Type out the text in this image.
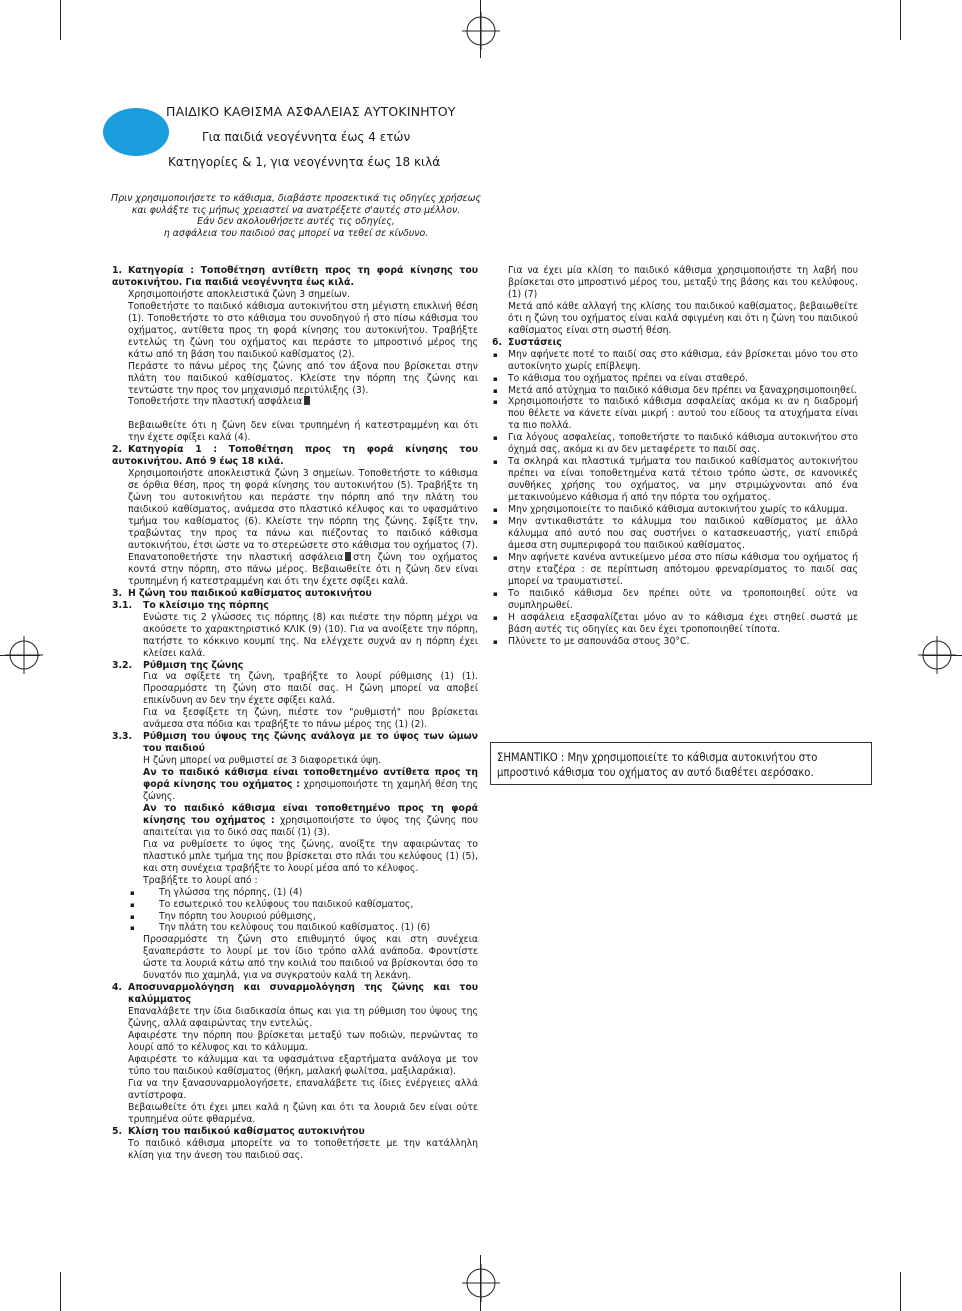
ΠΑΙΔΙΚΟ ΚΑΘΙΣΜΑ ΑΣΦΑΛΕΙΑΣ ΑΥΤΟΚΙΝΗΤΟΥ
Για παιδιά νεογέννητα έως 4 ετών
Κατηγορίες & 1, για νεογέννητα έως 18 κιλά
Πριν χρησιμοποιήσετε το κάθισμα, διαβάστε προσεκτικά τις οδηγίες χρήσεως
και φυλάξτε τις μήπως χρειαστεί να ανατρέξετε σ'αυτές στο μέλλον.
Εάν δεν ακολουθήσετε αυτές τις οδηγίες,
η ασφάλεια του παιδιού σας μπορεί να τεθεί σε κίνδυνο.

1. Κατηγορία : Τοποθέτηση αντίθετη προς τη φορά κίνησης του αυτοκινήτου. Για παιδιά νεογέννητα έως κιλά.

Χρησιμοποιήστε αποκλειστικά ζώνη 3 σημείων.

Τοποθετήστε το παιδικό κάθισμα αυτοκινήτου στη μέγιστη επικλινή θέση (1). Τοποθετήστε το στο κάθισμα του συνοδηγού ή στο πίσω κάθισμα του οχήματος, αντίθετα προς τη φορά κίνησης του αυτοκινήτου. Τραβήξτε εντελώς τη ζώνη του οχήματος και περάστε το μπροστινό μέρος της κάτω από τη βάση του παιδικού καθίσματος (2).

Περάστε το πάνω μέρος της ζώνης από τον άξονα που βρίσκεται στην πλάτη του παιδικού καθίσματος. Κλείστε την πόρπη της ζώνης και τεντώστε την προς τον μηχανισμό περιτύλιξης (3).

Τοποθετήστε την πλαστική ασφάλεια

Βεβαιωθείτε ότι η ζώνη δεν είναι τρυπημένη ή κατεστραμμένη και ότι την έχετε σφίξει καλά (4).

2. Κατηγορία 1 : Τοποθέτηση προς τη φορά κίνησης του αυτοκινήτου. Από 9 έως 18 κιλά.

Χρησιμοποιήστε αποκλειστικά ζώνη 3 σημείων. Τοποθετήστε το κάθισμα σε όρθια θέση, προς τη φορά κίνησης του αυτοκινήτου (5). Τραβήξτε τη ζώνη του αυτοκινήτου και περάστε την πόρπη από την πλάτη του παιδικού καθίσματος, ανάμεσα στο πλαστικό κέλυφος και το υφασμάτινο τμήμα του καθίσματος (6). Κλείστε την πόρπη της ζώνης. Σφίξτε την, τραβώντας την προς τα πάνω και πιέζοντας το παιδικό κάθισμα αυτοκινήτου, έτσι ώστε να το στερεώσετε στο κάθισμα του οχήματος (7). Επανατοποθετήστε την πλαστική ασφάλεια στη ζώνη του οχήματος κοντά στην πόρπη, στο πάνω μέρος. Βεβαιωθείτε ότι η ζώνη δεν είναι τρυπημένη ή κατεστραμμένη και ότι την έχετε σφίξει καλά.

3. Η ζώνη του παιδικού καθίσματος αυτοκινήτου

3.1. Το κλείσιμο της πόρπης

Ενώστε τις 2 γλώσσες τις πόρπης (8) και πιέστε την πόρπη μέχρι να ακούσετε το χαρακτηριστικό ΚΛΙΚ (9) (10). Για να ανοίξετε την πόρπη, πατήστε το κόκκινο κουμπί της. Να ελέγχετε συχνά αν η πόρπη έχει κλείσει καλά.

3.2. Ρύθμιση της ζώνης

Για να σφίξετε τη ζώνη, τραβήξτε το λουρί ρύθμισης (1) (1). Προσαρμόστε τη ζώνη στο παιδί σας. Η ζώνη μπορεί να αποβεί επικίνδυνη αν δεν την έχετε σφίξει καλά.

Για να ξεσφίξετε τη ζώνη, πιέστε τον "ρυθμιστή" που βρίσκεται ανάμεσα στα πόδια και τραβήξτε το πάνω μέρος της (1) (2).

3.3. Ρύθμιση του ύψους της ζώνης ανάλογα με το ύψος των ώμων του παιδιού

Η ζώνη μπορεί να ρυθμιστεί σε 3 διαφορετικά ύψη.

Αν το παιδικό κάθισμα είναι τοποθετημένο αντίθετα προς τη φορά κίνησης του οχήματος : χρησιμοποιήστε τη χαμηλή θέση της ζώνης.

Αν το παιδικό κάθισμα είναι τοποθετημένο προς τη φορά κίνησης του οχήματος : χρησιμοποιήστε το ύψος της ζώνης που απαιτείται για το δικό σας παιδί (1) (3).

Για να ρυθμίσετε το ύψος της ζώνης, ανοίξτε την αφαιρώντας το πλαστικό μπλε τμήμα της που βρίσκεται στο πλάι του κελύφους (1) (5), και στη συνέχεια τραβήξτε το λουρί μέσα από το κέλυφος.

Τραβήξτε το λουρί από :

▪ Τη γλώσσα της πόρπης, (1) (4)

▪ Το εσωτερικό του κελύφους του παιδικού καθίσματος,

▪ Την πόρπη του λουριού ρύθμισης,

▪ Την πλάτη του κελύφους του παιδικού καθίσματος. (1) (6)

Προσαρμόστε τη ζώνη στο επιθυμητό ύψος και στη συνέχεια ξαναπεράστε το λουρί με τον ίδιο τρόπο αλλά ανάποδα. Φροντίστε ώστε τα λουριά κάτω από την κοιλιά του παιδιού να βρίσκονται όσο το δυνατόν πιο χαμηλά, για να συγκρατούν καλά τη λεκάνη.

4. Αποσυναρμολόγηση και συναρμολόγηση της ζώνης και του καλύμματος

Επαναλάβετε την ίδια διαδικασία όπως και για τη ρύθμιση του ύψους της ζώνης, αλλά αφαιρώντας την εντελώς.

Αφαιρέστε την πόρπη που βρίσκεται μεταξύ των ποδιών, περνώντας το λουρί από το κέλυφος και το κάλυμμα.

Αφαιρέστε το κάλυμμα και τα υφασμάτινα εξαρτήματα ανάλογα με τον τύπο του παιδικού καθίσματος (θήκη, μαλακή φωλίτσα, μαξιλαράκια).

Για να την ξανασυναρμολογήσετε, επαναλάβετε τις ίδιες ενέργειες αλλά αντίστροφα.

Βεβαιωθείτε ότι έχει μπει καλά η ζώνη και ότι τα λουριά δεν είναι ούτε τρυπημένα ούτε φθαρμένα.

5. Κλίση του παιδικού καθίσματος αυτοκινήτου

Το παιδικό κάθισμα μπορείτε να το τοποθετήσετε με την κατάλληλη κλίση για την άνεση του παιδιού σας.

Για να έχει μία κλίση το παιδικό κάθισμα χρησιμοποιήστε τη λαβή που βρίσκεται στο μπροστινό μέρος του, μεταξύ της βάσης και του κελύφους. (1) (7)

Μετά από κάθε αλλαγή της κλίσης του παιδικού καθίσματος, βεβαιωθείτε ότι η ζώνη του οχήματος είναι καλά σφιγμένη και ότι η ζώνη του παιδικού καθίσματος είναι στη σωστή θέση.

6. Συστάσεις

▪ Μην αφήνετε ποτέ το παιδί σας στο κάθισμα, εάν βρίσκεται μόνο του στο αυτοκίνητο χωρίς επίβλεψη.

▪ Το κάθισμα του οχήματος πρέπει να είναι σταθερό.

▪ Μετά από ατύχημα το παιδικό κάθισμα δεν πρέπει να ξαναχρησιμοποιηθεί.

▪ Χρησιμοποιήστε το παιδικό κάθισμα ασφαλείας ακόμα κι αν η διαδρομή που θέλετε να κάνετε είναι μικρή : αυτού του είδους τα ατυχήματα είναι τα πιο πολλά.

▪ Για λόγους ασφαλείας, τοποθετήστε το παιδικό κάθισμα αυτοκινήτου στο όχημά σας, ακόμα κι αν δεν μεταφέρετε το παιδί σας.

▪ Τα σκληρά και πλαστικά τμήματα του παιδικού καθίσματος αυτοκινήτου πρέπει να είναι τοποθετημένα κατά τέτοιο τρόπο ώστε, σε κανονικές συνθήκες χρήσης του οχήματος, να μην στριμώχνονται από ένα μετακινούμενο κάθισμα ή από την πόρτα του οχήματος.

▪ Μην χρησιμοποιείτε το παιδικό κάθισμα αυτοκινήτου χωρίς το κάλυμμα.

▪ Μην αντικαθιστάτε το κάλυμμα του παιδικού καθίσματος με άλλο κάλυμμα από αυτό που σας συστήνει ο κατασκευαστής, γιατί επιδρά άμεσα στη συμπεριφορά του παιδικού καθίσματος.

▪ Μην αφήνετε κανένα αντικείμενο μέσα στο πίσω κάθισμα του οχήματος ή στην εταζέρα : σε περίπτωση απότομου φρεναρίσματος το παιδί σας μπορεί να τραυματιστεί.

▪ Το παιδικό κάθισμα δεν πρέπει ούτε να τροποποιηθεί ούτε να συμπληρωθεί.

▪ Η ασφάλεια εξασφαλίζεται μόνο αν το κάθισμα έχει στηθεί σωστά με βάση αυτές τις οδηγίες και δεν έχει τροποποιηθεί τίποτα.

▪ Πλύνετε το με σαπουνάδα στους 30°C.

ΣΗΜΑΝΤΙΚΟ : Μην χρησιμοποιείτε το κάθισμα αυτοκινήτου στο μπροστινό κάθισμα του οχήματος αν αυτό διαθέτει αερόσακο.
